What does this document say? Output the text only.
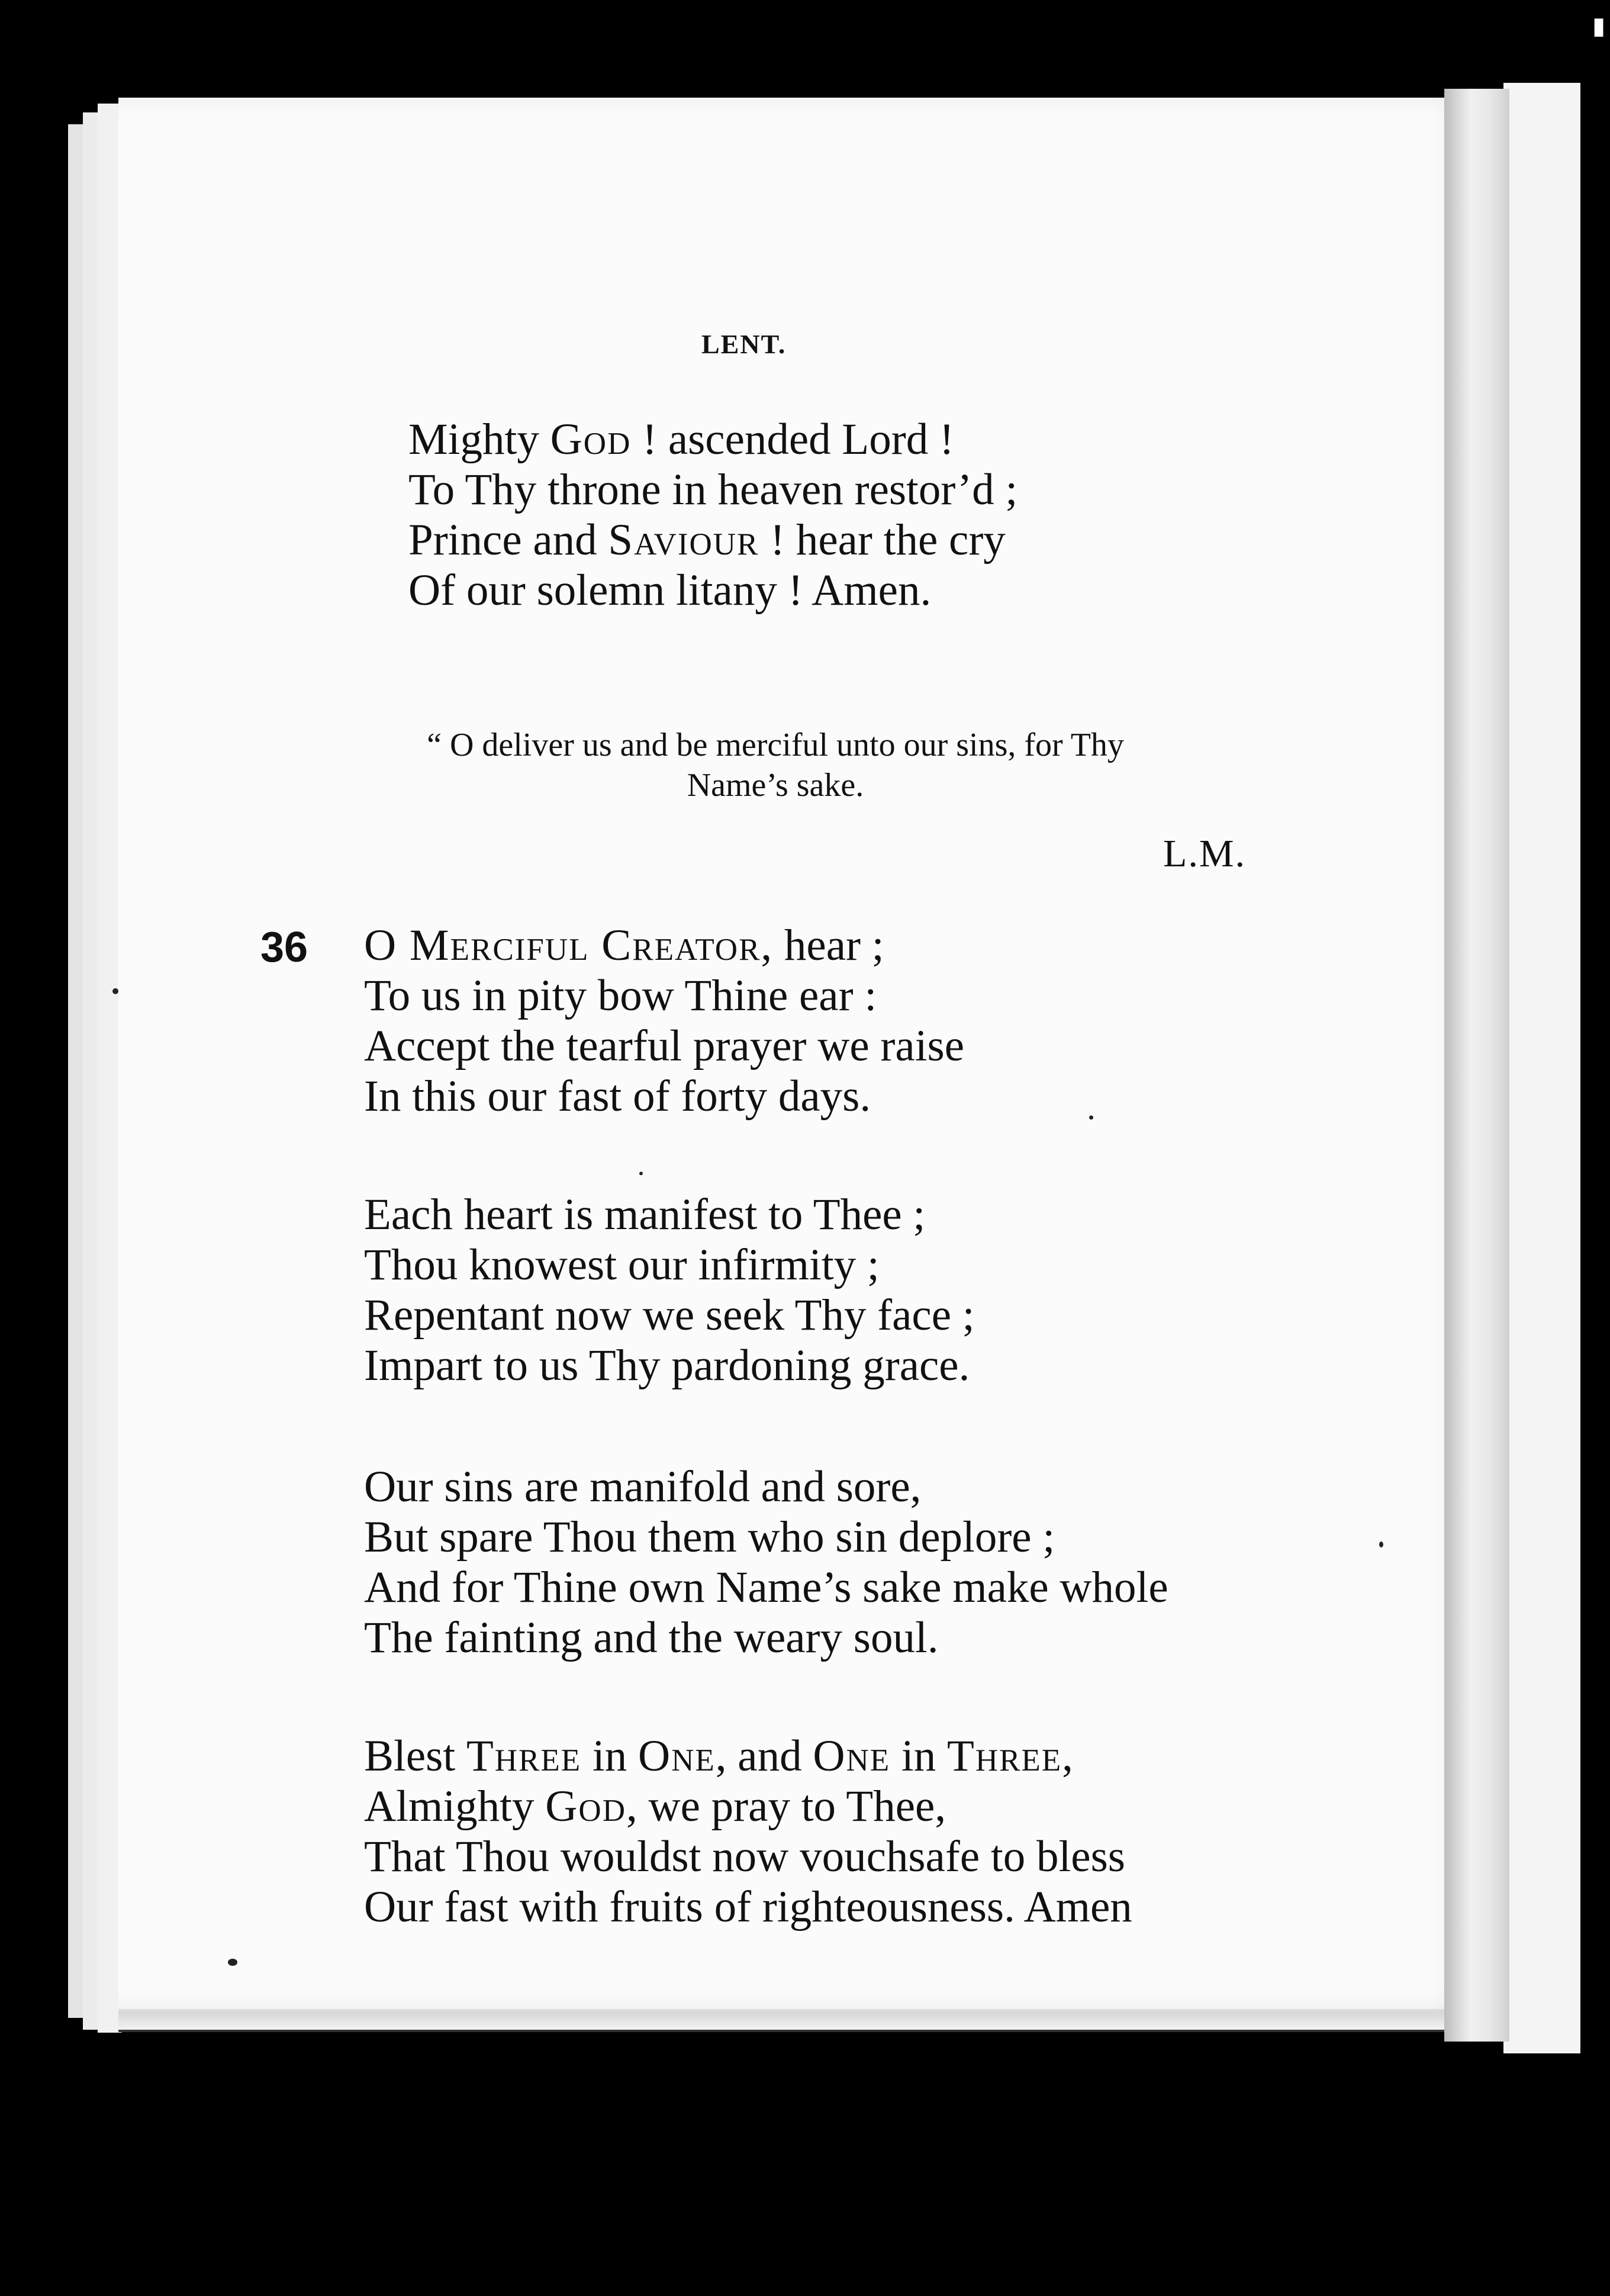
▮
LENT.
Mighty God ! ascended Lord !
To Thy throne in heaven restor’d ;
Prince and Saviour ! hear the cry
Of our solemn litany ! Amen.
“ O deliver us and be merciful unto our sins, for Thy
Name’s sake.
L.M.
36 O Merciful Creator, hear ;
To us in pity bow Thine ear :
Accept the tearful prayer we raise
In this our fast of forty days.
Each heart is manifest to Thee ;
Thou knowest our infirmity ;
Repentant now we seek Thy face ;
Impart to us Thy pardoning grace.
Our sins are manifold and sore,
But spare Thou them who sin deplore ;
And for Thine own Name’s sake make whole
The fainting and the weary soul.
Blest Three in One, and One in Three,
Almighty God, we pray to Thee,
That Thou wouldst now vouchsafe to bless
Our fast with fruits of righteousness. Amen
